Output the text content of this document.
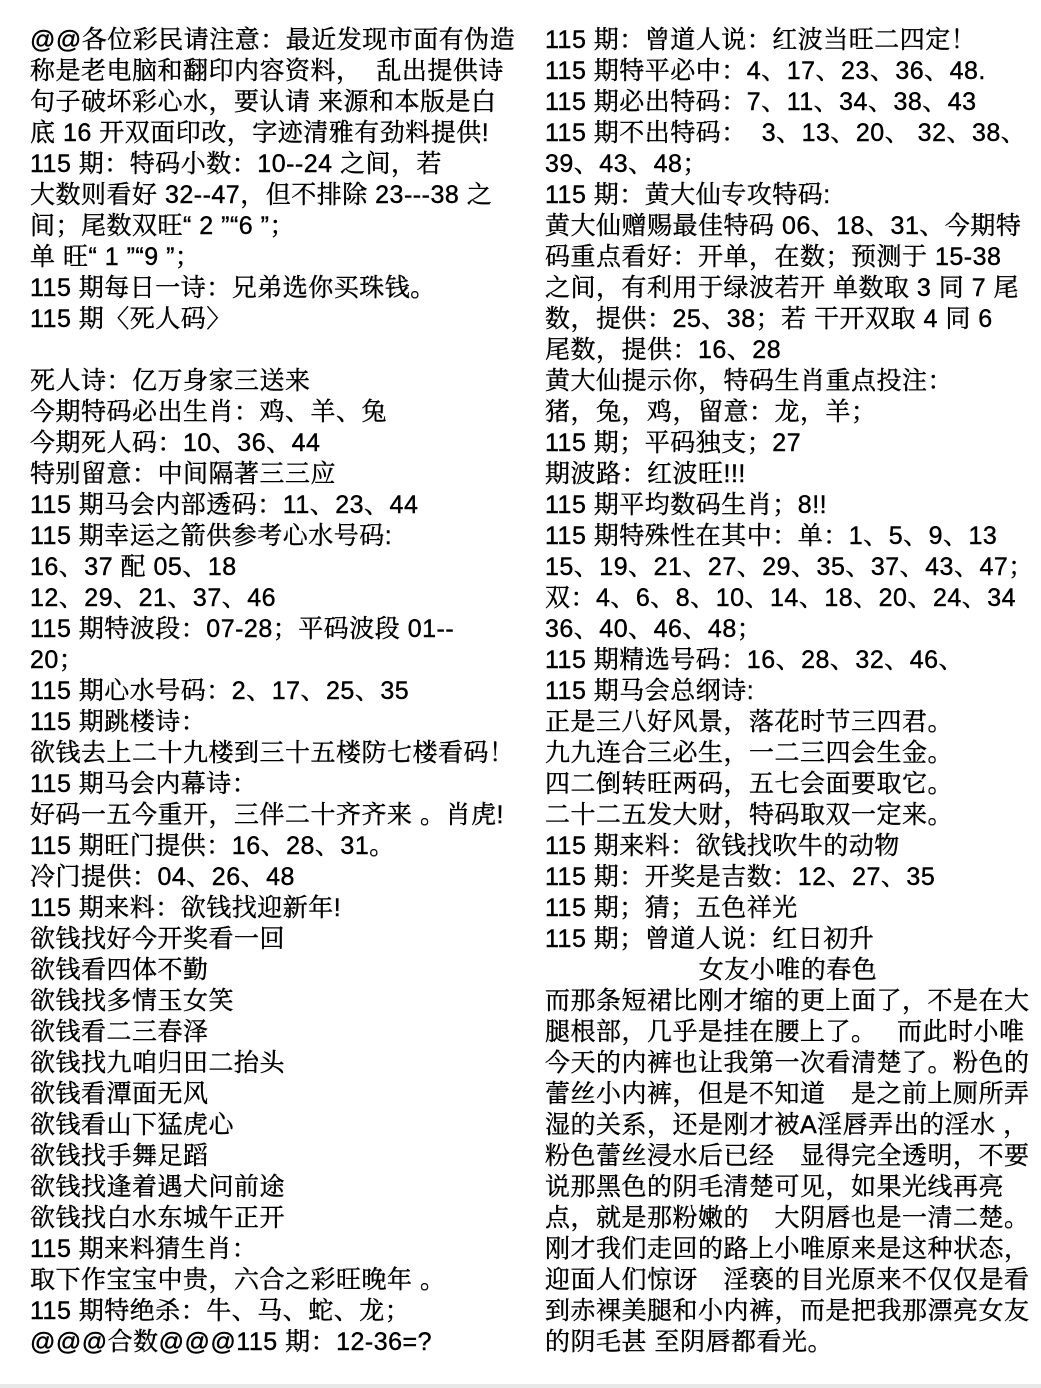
@@各位彩民请注意：最近发现市面有伪造
称是老电脑和翻印内容资料，  乱出提供诗
句子破坏彩心水，要认请 来源和本版是白
底 16 开双面印改，字迹清雅有劲料提供!
115 期：特码小数：10--24 之间，若
大数则看好 32--47，但不排除 23---38 之
间；尾数双旺“ 2 ”“6 ”；
单 旺“ 1 ”“9 ”；
115 期每日一诗：兄弟选你买珠钱。
115 期〈死人码〉
死人诗：亿万身家三送来
今期特码必出生肖：鸡、羊、兔
今期死人码：10、36、44
特别留意：中间隔著三三应
115 期马会内部透码：11、23、44
115 期幸运之箭供参考心水号码:
16、37 配 05、18
12、29、21、37、46
115 期特波段：07-28；平码波段 01--
20；
115 期心水号码：2、17、25、35
115 期跳楼诗：
欲钱去上二十九楼到三十五楼防七楼看码！
115 期马会内幕诗：
好码一五今重开，三伴二十齐齐来 。肖虎!
115 期旺门提供：16、28、31。
冷门提供：04、26、48
115 期来料：欲钱找迎新年!
欲钱找好今开奖看一回
欲钱看四体不勤
欲钱找多情玉女笑
欲钱看二三春泽
欲钱找九咱归田二抬头
欲钱看潭面无风
欲钱看山下猛虎心
欲钱找手舞足蹈
欲钱找逢着遇犬问前途
欲钱找白水东城午正开
115 期来料猜生肖：
取下作宝宝中贵，六合之彩旺晚年 。
115 期特绝杀：牛、马、蛇、龙；
@@@合数@@@115 期：12-36=?
115 期：曾道人说：红波当旺二四定！
115 期特平必中：4、17、23、36、48.
115 期必出特码：7、11、34、38、43
115 期不出特码：  3、13、20、 32、38、
39、43、48；
115 期：黄大仙专攻特码:
黄大仙赠赐最佳特码 06、18、31、今期特
码重点看好：开单，在数；预测于 15-38
之间，有利用于绿波若开 单数取 3 同 7 尾
数，提供：25、38；若 干开双取 4 同 6
尾数，提供：16、28
黄大仙提示你，特码生肖重点投注：
猪，兔，鸡，留意：龙，羊；
115 期；平码独支；27
期波路：红波旺!!!
115 期平均数码生肖；8!!
115 期特殊性在其中：单：1、5、9、13
15、19、21、27、29、35、37、43、47；
双：4、6、8、10、14、18、20、24、34
36、40、46、48；
115 期精选号码：16、28、32、46、
115 期马会总纲诗:
正是三八好风景，落花时节三四君。
九九连合三必生，一二三四会生金。
四二倒转旺两码，五七会面要取它。
二十二五发大财，特码取双一定来。
115 期来料：欲钱找吹牛的动物
115 期：开奖是吉数：12、27、35
115 期；猜；五色祥光
115 期；曾道人说：红日初升
女友小唯的春色
而那条短裙比刚才缩的更上面了，不是在大
腿根部，几乎是挂在腰上了。　 而此时小唯
今天的内裤也让我第一次看清楚了。粉色的
蕾丝小内裤，但是不知道　是之前上厕所弄
湿的关系，还是刚才被A淫唇弄出的淫水 ，
粉色蕾丝浸水后已经　显得完全透明，不要
说那黑色的阴毛清楚可见，如果光线再亮
点，就是那粉嫩的　大阴唇也是一清二楚。
刚才我们走回的路上小唯原来是这种状态，
迎面人们惊讶　淫亵的目光原来不仅仅是看
到赤裸美腿和小内裤，而是把我那漂亮女友
的阴毛甚 至阴唇都看光。
